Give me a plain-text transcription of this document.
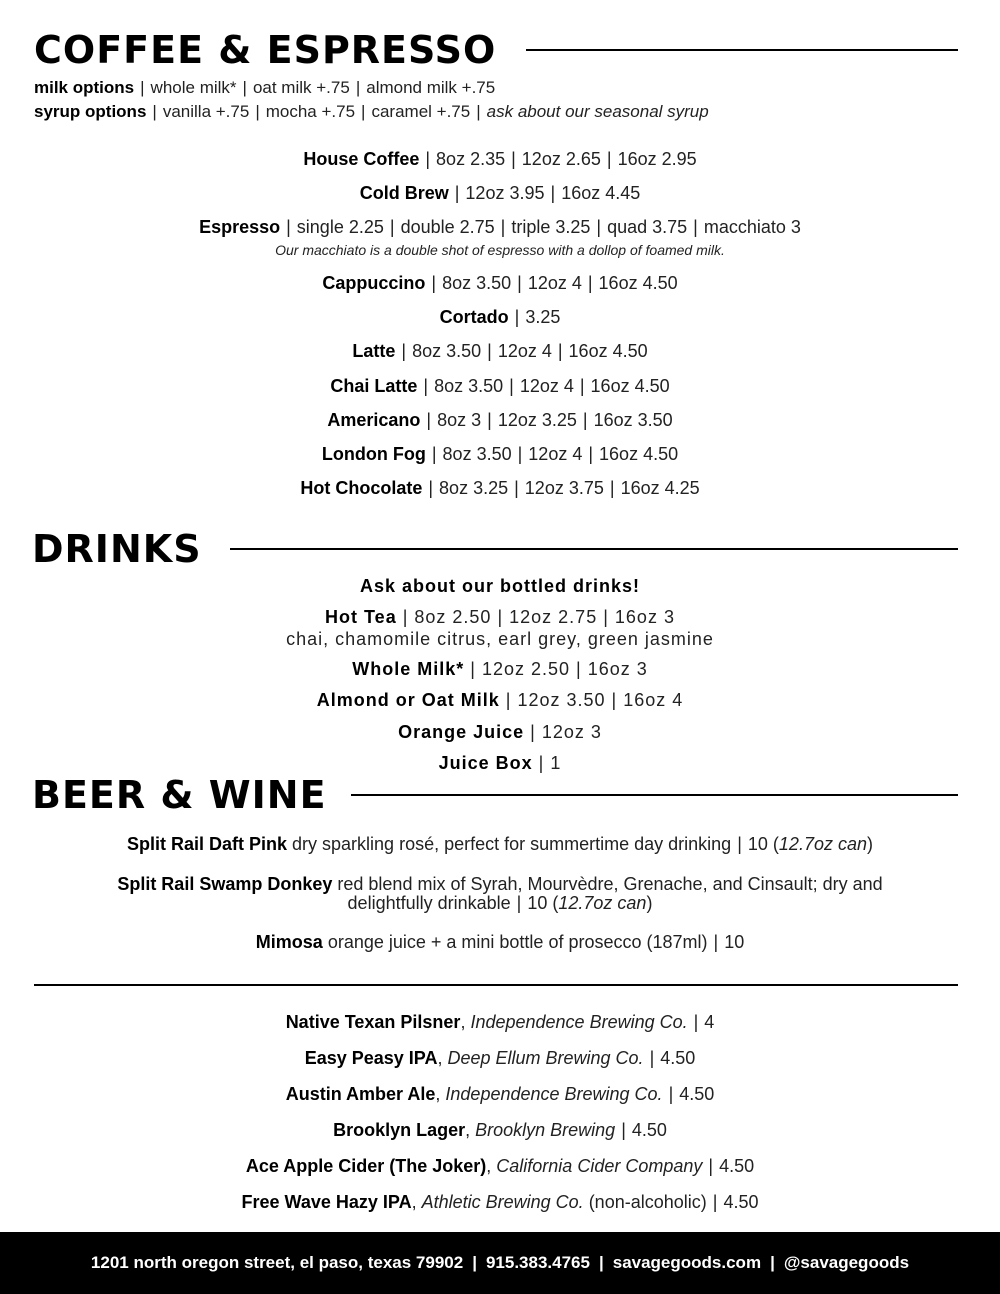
COFFEE & ESPRESSO
milk options | whole milk* | oat milk +.75 | almond milk +.75
syrup options | vanilla +.75 | mocha +.75 | caramel +.75 | ask about our seasonal syrup
House Coffee | 8oz 2.35 | 12oz 2.65 | 16oz 2.95
Cold Brew | 12oz 3.95 | 16oz 4.45
Espresso | single 2.25 | double 2.75 | triple 3.25 | quad 3.75 | macchiato 3
Our macchiato is a double shot of espresso with a dollop of foamed milk.
Cappuccino | 8oz 3.50 | 12oz 4 | 16oz 4.50
Cortado | 3.25
Latte | 8oz 3.50 | 12oz 4 | 16oz 4.50
Chai Latte | 8oz 3.50 | 12oz 4 | 16oz 4.50
Americano | 8oz 3 | 12oz 3.25 | 16oz 3.50
London Fog | 8oz 3.50 | 12oz 4 | 16oz 4.50
Hot Chocolate | 8oz 3.25 | 12oz 3.75 | 16oz 4.25
DRINKS
Ask about our bottled drinks!
Hot Tea | 8oz 2.50 | 12oz 2.75 | 16oz 3
chai, chamomile citrus, earl grey, green jasmine
Whole Milk* | 12oz 2.50 | 16oz 3
Almond or Oat Milk | 12oz 3.50 | 16oz 4
Orange Juice | 12oz 3
Juice Box | 1
BEER & WINE
Split Rail Daft Pink dry sparkling rosé, perfect for summertime day drinking | 10 (12.7oz can)
Split Rail Swamp Donkey red blend mix of Syrah, Mourvèdre, Grenache, and Cinsault; dry and
delightfully drinkable | 10 (12.7oz can)
Mimosa orange juice + a mini bottle of prosecco (187ml) | 10
Native Texan Pilsner, Independence Brewing Co. | 4
Easy Peasy IPA, Deep Ellum Brewing Co. | 4.50
Austin Amber Ale, Independence Brewing Co. | 4.50
Brooklyn Lager, Brooklyn Brewing | 4.50
Ace Apple Cider (The Joker), California Cider Company | 4.50
Free Wave Hazy IPA, Athletic Brewing Co. (non-alcoholic) | 4.50
1201 north oregon street, el paso, texas 79902 | 915.383.4765 | savagegoods.com | @savagegoods
